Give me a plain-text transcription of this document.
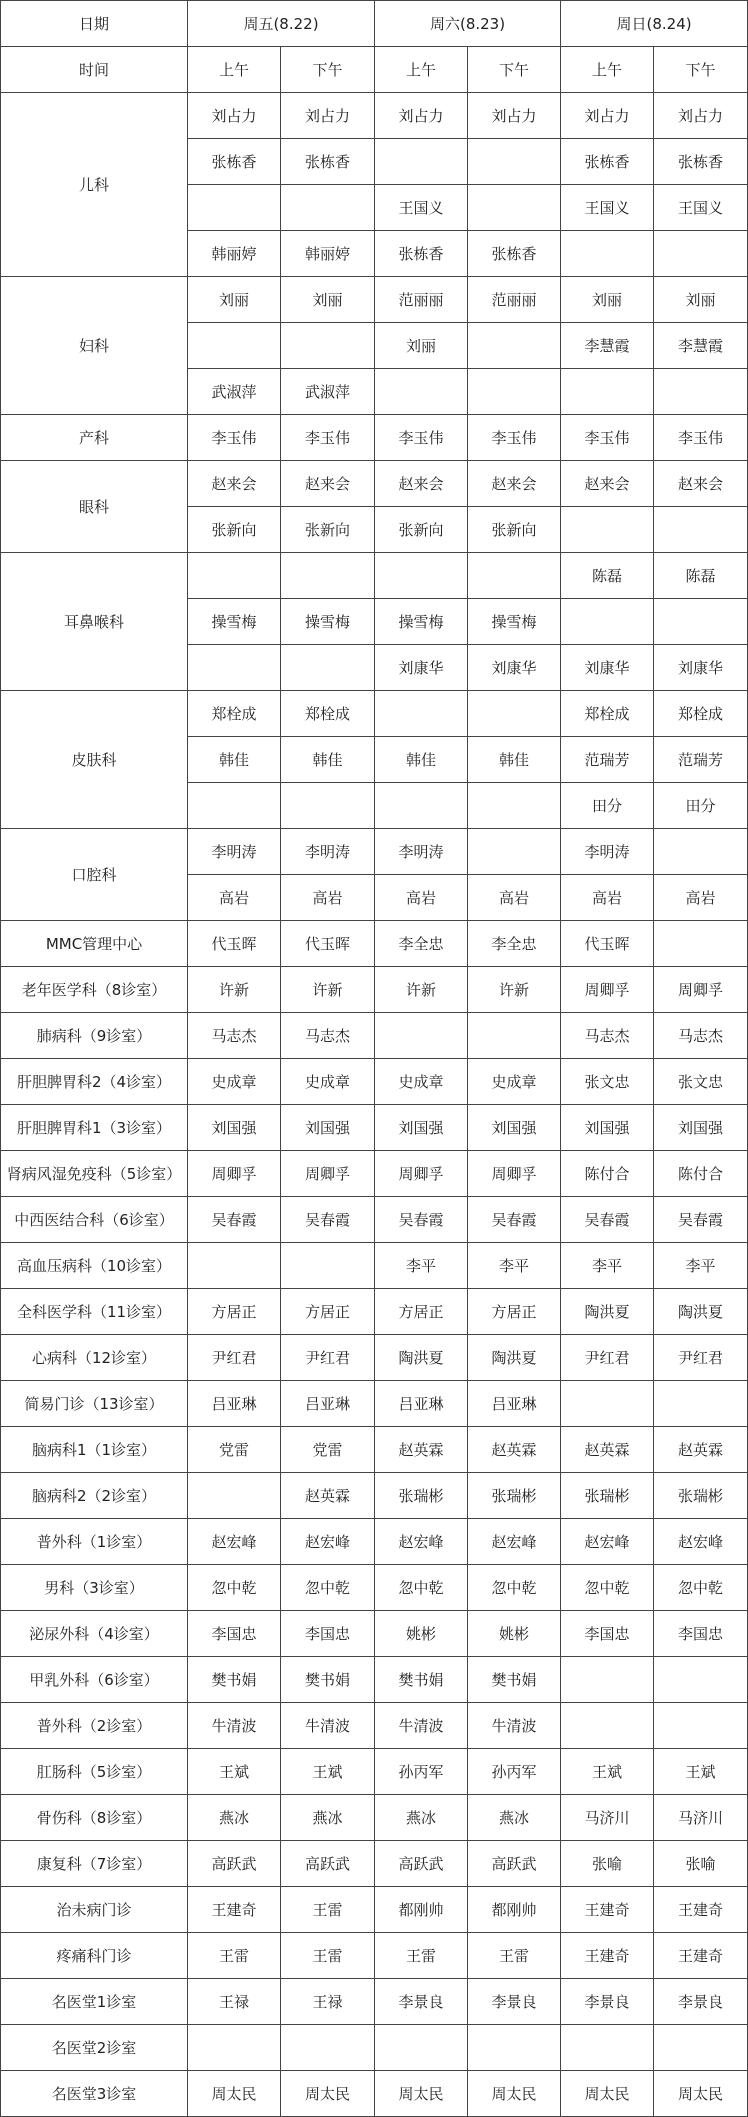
日期	周五(8.22)		周六(8.23)		周日(8.24)	
时间	上午	下午	上午	下午	上午	下午
儿科	刘占力	刘占力	刘占力	刘占力	刘占力	刘占力
	张栋香	张栋香			张栋香	张栋香
			王国义		王国义	王国义
	韩丽婷	韩丽婷	张栋香	张栋香		
妇科	刘丽	刘丽	范丽丽	范丽丽	刘丽	刘丽
			刘丽		李慧霞	李慧霞
	武淑萍	武淑萍				
产科	李玉伟	李玉伟	李玉伟	李玉伟	李玉伟	李玉伟
眼科	赵来会	赵来会	赵来会	赵来会	赵来会	赵来会
	张新向	张新向	张新向	张新向		
耳鼻喉科					陈磊	陈磊
	操雪梅	操雪梅	操雪梅	操雪梅		
			刘康华	刘康华	刘康华	刘康华
皮肤科	郑栓成	郑栓成			郑栓成	郑栓成
	韩佳	韩佳	韩佳	韩佳	范瑞芳	范瑞芳
					田分	田分
口腔科	李明涛	李明涛	李明涛		李明涛	
	高岩	高岩	高岩	高岩	高岩	高岩
MMC管理中心	代玉晖	代玉晖	李全忠	李全忠	代玉晖	
老年医学科（8诊室）	许新	许新	许新	许新	周卿孚	周卿孚
肺病科（9诊室）	马志杰	马志杰			马志杰	马志杰
肝胆脾胃科2（4诊室）	史成章	史成章	史成章	史成章	张文忠	张文忠
肝胆脾胃科1（3诊室）	刘国强	刘国强	刘国强	刘国强	刘国强	刘国强
肾病风湿免疫科（5诊室）	周卿孚	周卿孚	周卿孚	周卿孚	陈付合	陈付合
中西医结合科（6诊室）	吴春霞	吴春霞	吴春霞	吴春霞	吴春霞	吴春霞
高血压病科（10诊室）			李平	李平	李平	李平
全科医学科（11诊室）	方居正	方居正	方居正	方居正	陶洪夏	陶洪夏
心病科（12诊室）	尹红君	尹红君	陶洪夏	陶洪夏	尹红君	尹红君
简易门诊（13诊室）	吕亚琳	吕亚琳	吕亚琳	吕亚琳		
脑病科1（1诊室）	党雷	党雷	赵英霖	赵英霖	赵英霖	赵英霖
脑病科2（2诊室）		赵英霖	张瑞彬	张瑞彬	张瑞彬	张瑞彬
普外科（1诊室）	赵宏峰	赵宏峰	赵宏峰	赵宏峰	赵宏峰	赵宏峰
男科（3诊室）	忽中乾	忽中乾	忽中乾	忽中乾	忽中乾	忽中乾
泌尿外科（4诊室）	李国忠	李国忠	姚彬	姚彬	李国忠	李国忠
甲乳外科（6诊室）	樊书娟	樊书娟	樊书娟	樊书娟		
普外科（2诊室）	牛清波	牛清波	牛清波	牛清波		
肛肠科（5诊室）	王斌	王斌	孙丙军	孙丙军	王斌	王斌
骨伤科（8诊室）	燕冰	燕冰	燕冰	燕冰	马济川	马济川
康复科（7诊室）	高跃武	高跃武	高跃武	高跃武	张喻	张喻
治未病门诊	王建奇	王雷	都刚帅	都刚帅	王建奇	王建奇
疼痛科门诊	王雷	王雷	王雷	王雷	王建奇	王建奇
名医堂1诊室	王禄	王禄	李景良	李景良	李景良	李景良
名医堂2诊室						
名医堂3诊室	周太民	周太民	周太民	周太民	周太民	周太民
